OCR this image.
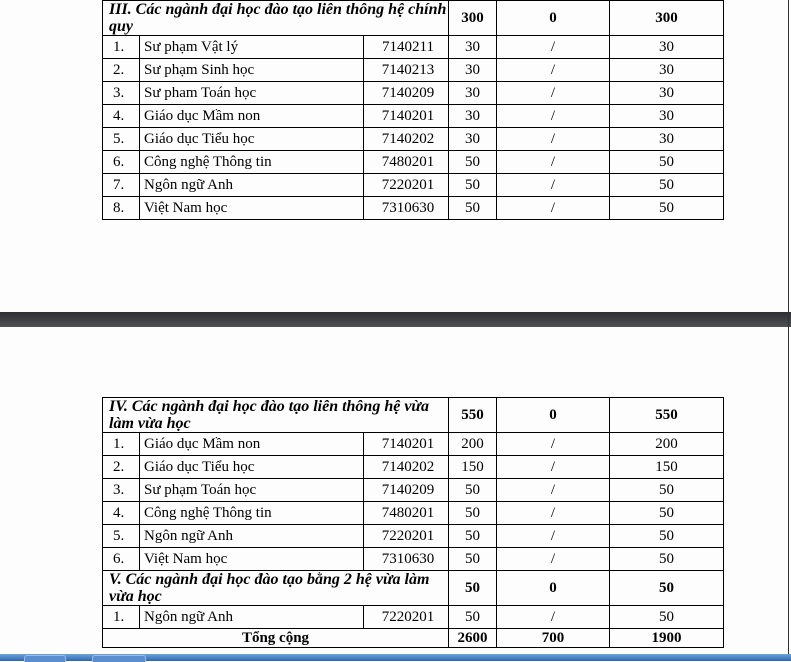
III. Các ngành đại học đào tạo liên thông hệ chính quy			300	0	300
1.	Sư phạm Vật lý	7140211	30	/	30
2.	Sư phạm Sinh học	7140213	30	/	30
3.	Sư pham Toán học	7140209	30	/	30
4.	Giáo dục Mầm non	7140201	30	/	30
5.	Giáo dục Tiểu học	7140202	30	/	30
6.	Công nghệ Thông tin	7480201	50	/	50
7.	Ngôn ngữ Anh	7220201	50	/	50
8.	Việt Nam học	7310630	50	/	50
IV. Các ngành đại học đào tạo liên thông hệ vừa làm vừa học			550	0	550
1.	Giáo dục Mầm non	7140201	200	/	200
2.	Giáo dục Tiểu học	7140202	150	/	150
3.	Sư phạm Toán học	7140209	50	/	50
4.	Công nghệ Thông tin	7480201	50	/	50
5.	Ngôn ngữ Anh	7220201	50	/	50
6.	Việt Nam học	7310630	50	/	50
V. Các ngành đại học đào tạo bằng 2 hệ vừa làm vừa học			50	0	50
1.	Ngôn ngữ Anh	7220201	50	/	50
Tổng cộng			2600	700	1900
